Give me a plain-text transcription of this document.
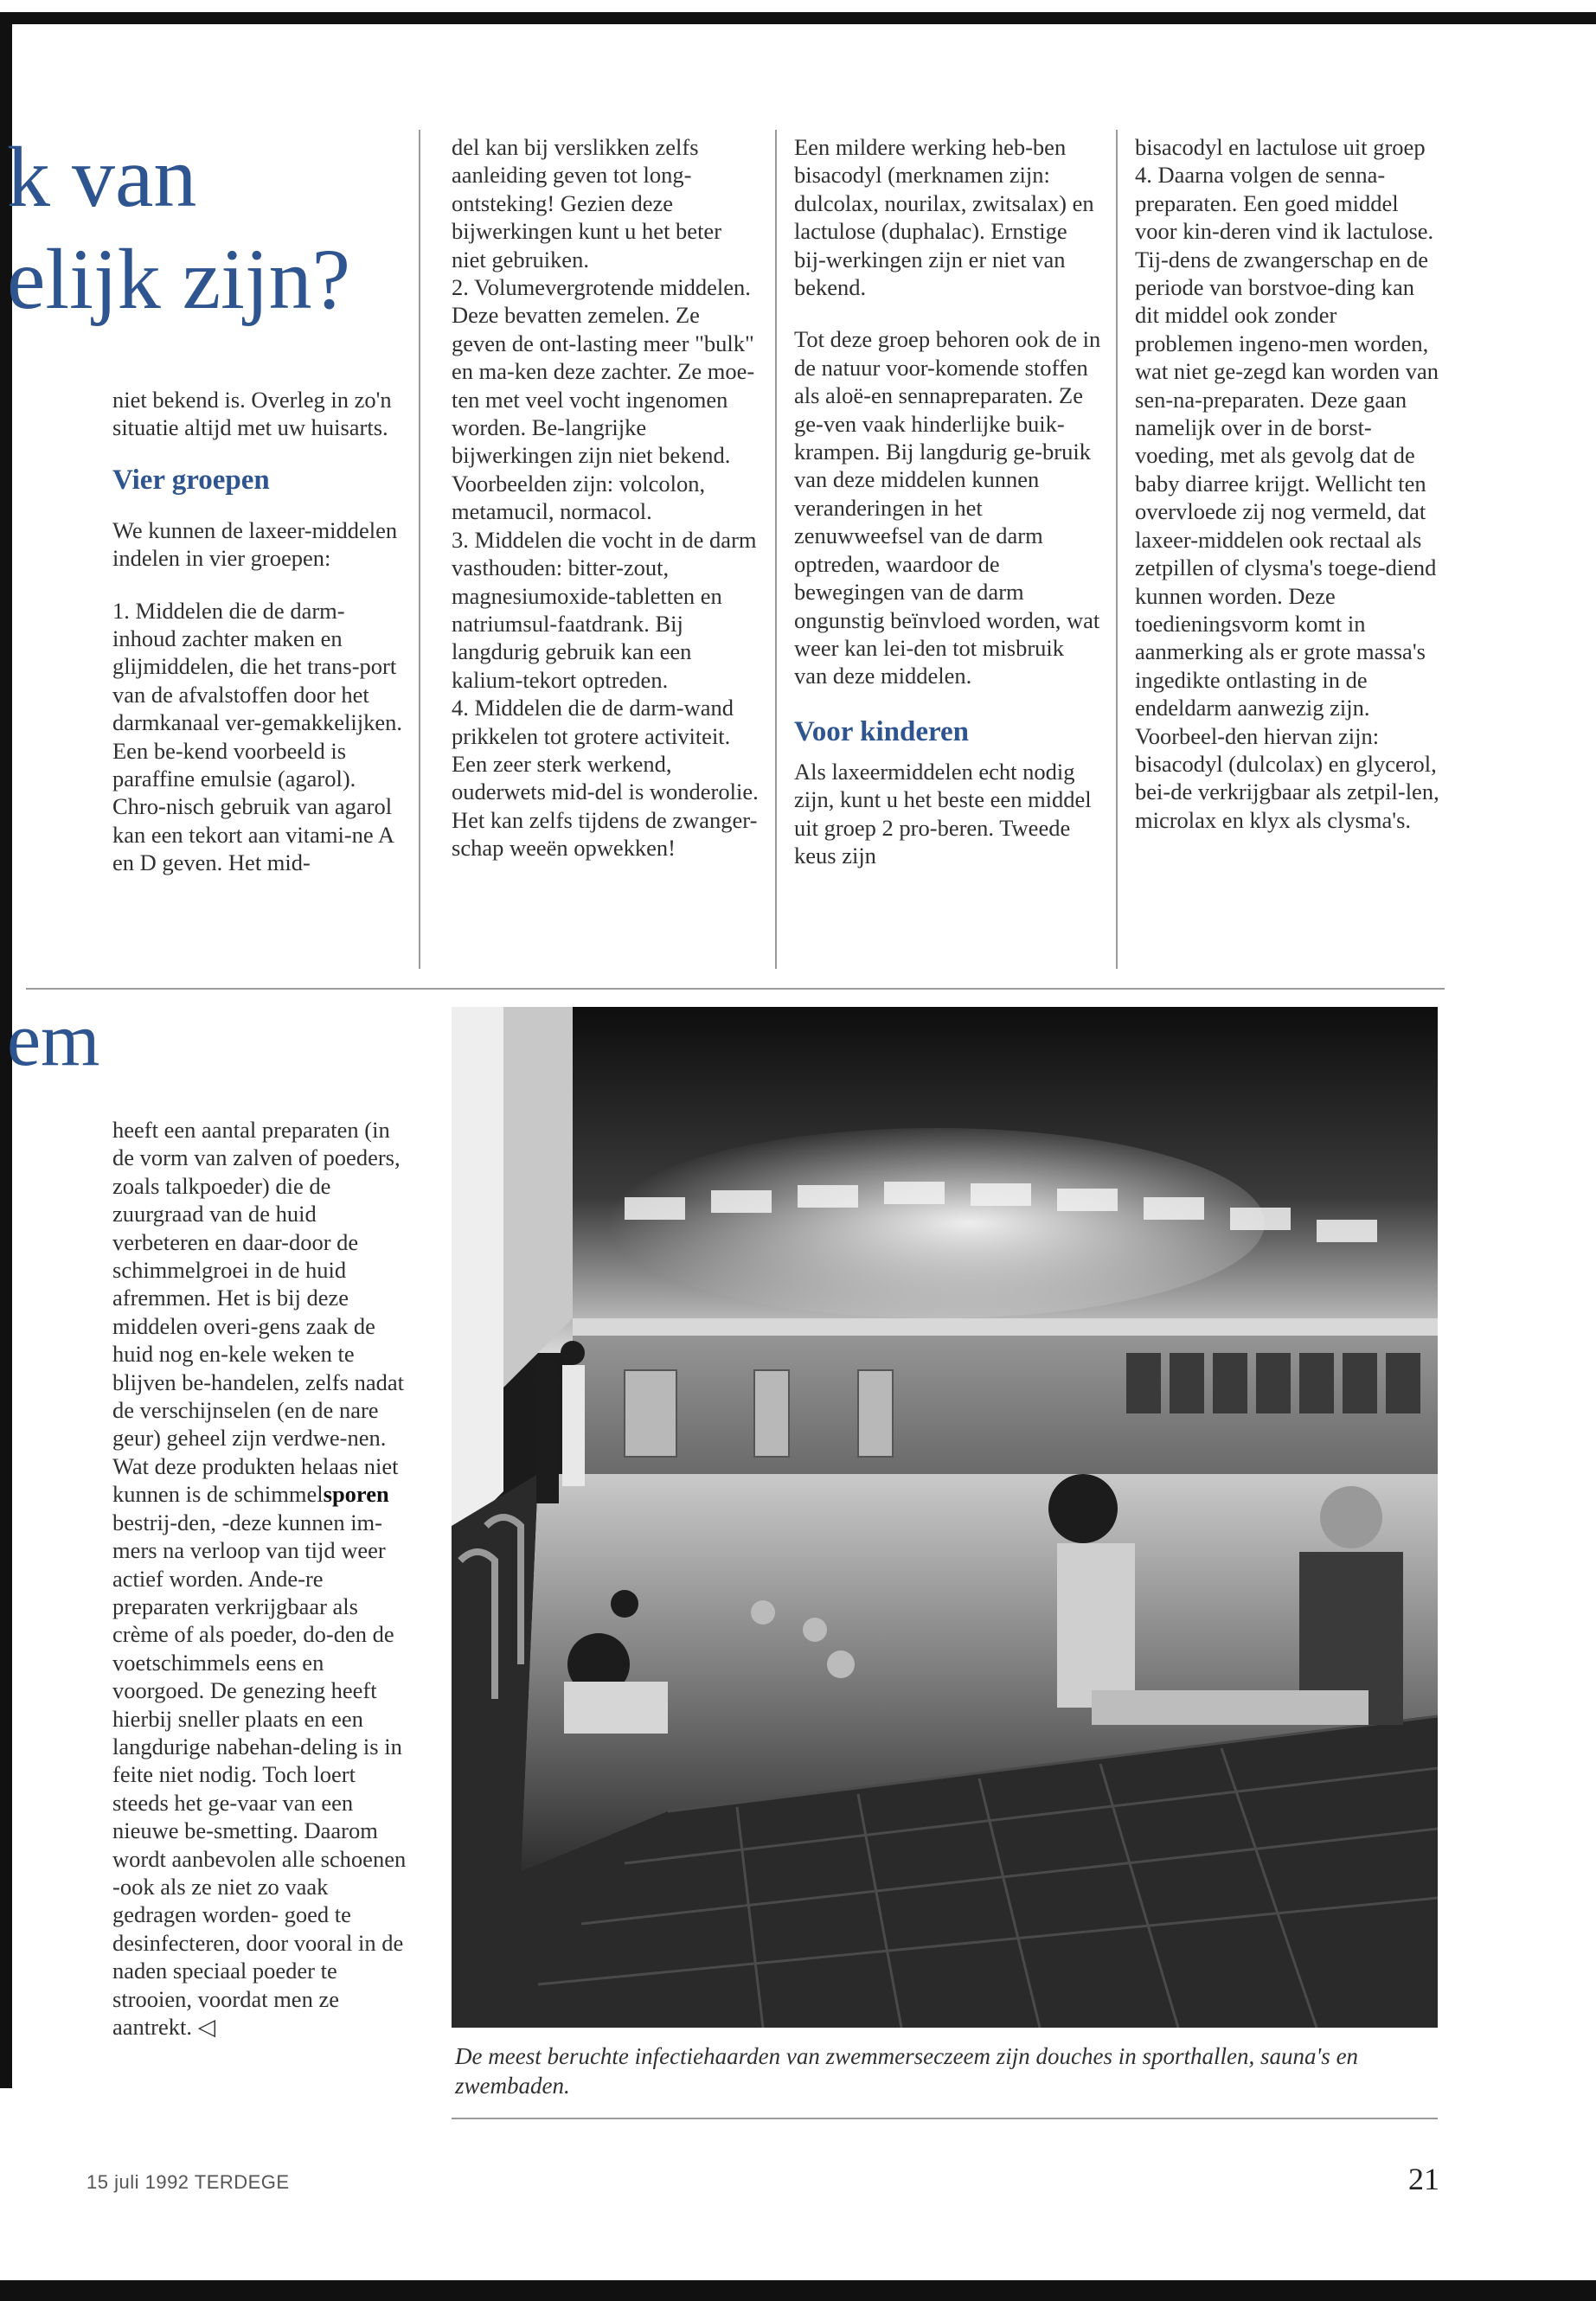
k van
elijk zijn?
em

niet bekend is. Overleg in zo'n situatie altijd met uw huisarts.

Vier groepen

We kunnen de laxeer-middelen indelen in vier groepen:

1. Middelen die de darm-inhoud zachter maken en glijmiddelen, die het trans-port van de afvalstoffen door het darmkanaal ver-gemakkelijken. Een be-kend voorbeeld is paraffine emulsie (agarol). Chro-nisch gebruik van agarol kan een tekort aan vitami-ne A en D geven. Het mid-

del kan bij verslikken zelfs aanleiding geven tot long-ontsteking! Gezien deze bijwerkingen kunt u het beter niet gebruiken.

2. Volumevergrotende middelen. Deze bevatten zemelen. Ze geven de ont-lasting meer "bulk" en ma-ken deze zachter. Ze moe-ten met veel vocht ingenomen worden. Be-langrijke bijwerkingen zijn niet bekend. Voorbeelden zijn: volcolon, metamucil, normacol.

3. Middelen die vocht in de darm vasthouden: bitter-zout, magnesiumoxide-tabletten en natriumsul-faatdrank. Bij langdurig gebruik kan een kalium-tekort optreden.

4. Middelen die de darm-wand prikkelen tot grotere activiteit. Een zeer sterk werkend, ouderwets mid-del is wonderolie. Het kan zelfs tijdens de zwanger-schap weeën opwekken!

Een mildere werking heb-ben bisacodyl (merknamen zijn: dulcolax, nourilax, zwitsalax) en lactulose (duphalac). Ernstige bij-werkingen zijn er niet van bekend.

Tot deze groep behoren ook de in de natuur voor-komende stoffen als aloë-en sennapreparaten. Ze ge-ven vaak hinderlijke buik-krampen. Bij langdurig ge-bruik van deze middelen kunnen veranderingen in het zenuwweefsel van de darm optreden, waardoor de bewegingen van de darm ongunstig beïnvloed worden, wat weer kan lei-den tot misbruik van deze middelen.

Voor kinderen

Als laxeermiddelen echt nodig zijn, kunt u het beste een middel uit groep 2 pro-beren. Tweede keus zijn

bisacodyl en lactulose uit groep 4. Daarna volgen de senna-preparaten. Een goed middel voor kin-deren vind ik lactulose. Tij-dens de zwangerschap en de periode van borstvoe-ding kan dit middel ook zonder problemen ingeno-men worden, wat niet ge-zegd kan worden van sen-na-preparaten. Deze gaan namelijk over in de borst-voeding, met als gevolg dat de baby diarree krijgt. Wellicht ten overvloede zij nog vermeld, dat laxeer-middelen ook rectaal als zetpillen of clysma's toege-diend kunnen worden. Deze toedieningsvorm komt in aanmerking als er grote massa's ingedikte ontlasting in de endeldarm aanwezig zijn. Voorbeel-den hiervan zijn: bisacodyl (dulcolax) en glycerol, bei-de verkrijgbaar als zetpil-len, microlax en klyx als clysma's.

heeft een aantal preparaten (in de vorm van zalven of poeders, zoals talkpoeder) die de zuurgraad van de huid verbeteren en daar-door de schimmelgroei in de huid afremmen. Het is bij deze middelen overi-gens zaak de huid nog en-kele weken te blijven be-handelen, zelfs nadat de verschijnselen (en de nare geur) geheel zijn verdwe-nen. Wat deze produkten helaas niet kunnen is de schimmelsporen bestrij-den, -deze kunnen im-mers na verloop van tijd weer actief worden. Ande-re preparaten verkrijgbaar als crème of als poeder, do-den de voetschimmels eens en voorgoed. De genezing heeft hierbij sneller plaats en een langdurige nabehan-deling is in feite niet nodig. Toch loert steeds het ge-vaar van een nieuwe be-smetting. Daarom wordt aanbevolen alle schoenen -ook als ze niet zo vaak gedragen worden- goed te desinfecteren, door vooral in de naden speciaal poeder te strooien, voordat men ze aantrekt. ◁

De meest beruchte infectiehaarden van zwemmerseczeem zijn douches in sporthallen, sauna's en zwembaden.
15 juli 1992 TERDEGE	21
